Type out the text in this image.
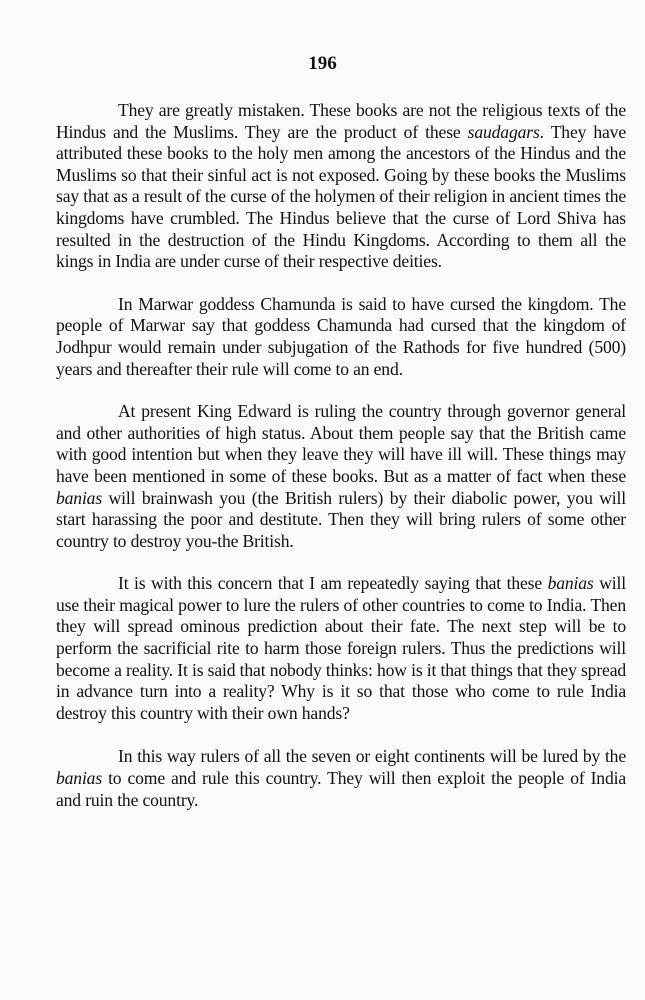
196

They are greatly mistaken. These books are not the religious texts of the Hindus and the Muslims. They are the product of these saudagars. They have attributed these books to the holy men among the ancestors of the Hindus and the Muslims so that their sinful act is not exposed. Going by these books the Muslims say that as a result of the curse of the holymen of their religion in ancient times the kingdoms have crumbled. The Hindus believe that the curse of Lord Shiva has resulted in the destruction of the Hindu Kingdoms. According to them all the kings in India are under curse of their respective deities.

In Marwar goddess Chamunda is said to have cursed the kingdom. The people of Marwar say that goddess Chamunda had cursed that the kingdom of Jodhpur would remain under subjugation of the Rathods for five hundred (500) years and thereafter their rule will come to an end.

At present King Edward is ruling the country through governor general and other authorities of high status. About them people say that the British came with good intention but when they leave they will have ill will. These things may have been mentioned in some of these books. But as a matter of fact when these banias will brainwash you (the British rulers) by their diabolic power, you will start harassing the poor and destitute. Then they will bring rulers of some other country to destroy you-the British.

It is with this concern that I am repeatedly saying that these banias will use their magical power to lure the rulers of other countries to come to India. Then they will spread ominous prediction about their fate. The next step will be to perform the sacrificial rite to harm those foreign rulers. Thus the predictions will become a reality. It is said that nobody thinks: how is it that things that they spread in advance turn into a reality? Why is it so that those who come to rule India destroy this country with their own hands?

In this way rulers of all the seven or eight continents will be lured by the banias to come and rule this country. They will then exploit the people of India and ruin the country.
